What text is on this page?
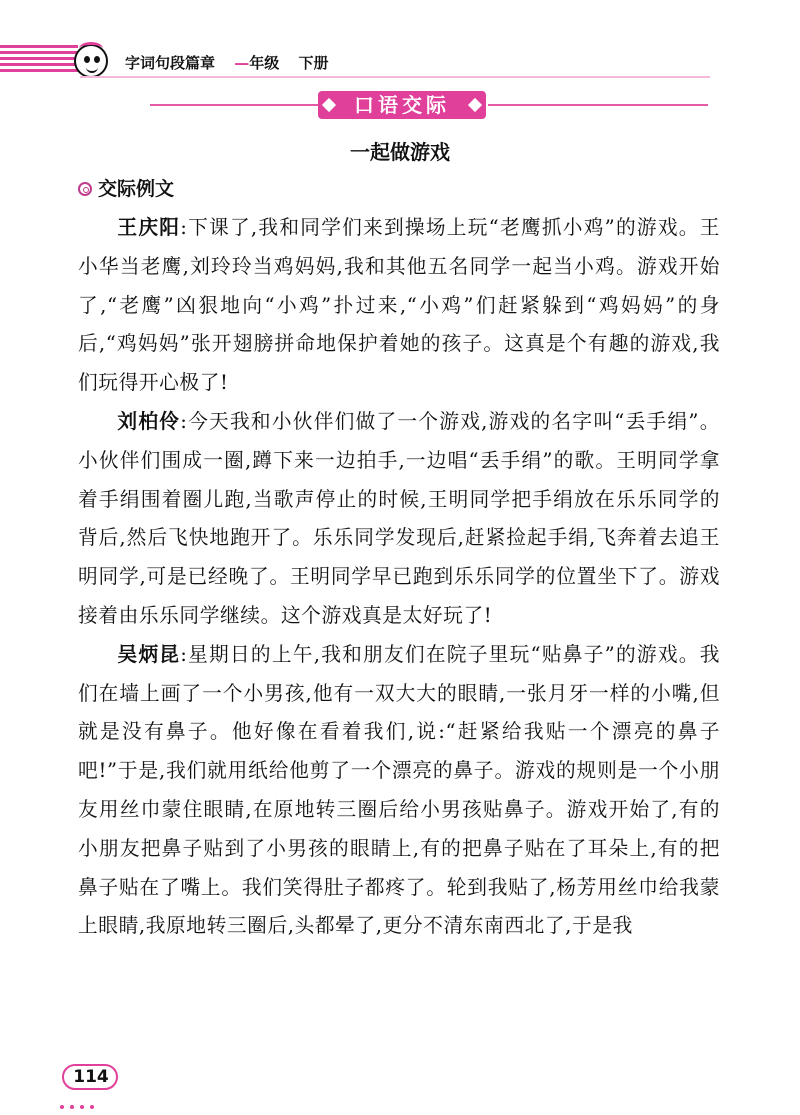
字词句段篇章 —年级 下册
口语交际
一起做游戏
交际例文

王庆阳:下课了,我和同学们来到操场上玩“老鹰抓小鸡”的游戏。王小华当老鹰,刘玲玲当鸡妈妈,我和其他五名同学一起当小鸡。游戏开始了,“老鹰”凶狠地向“小鸡”扑过来,“小鸡”们赶紧躲到“鸡妈妈”的身后,“鸡妈妈”张开翅膀拼命地保护着她的孩子。这真是个有趣的游戏,我们玩得开心极了!

刘柏伶:今天我和小伙伴们做了一个游戏,游戏的名字叫“丢手绢”。小伙伴们围成一圈,蹲下来一边拍手,一边唱“丢手绢”的歌。王明同学拿着手绢围着圈儿跑,当歌声停止的时候,王明同学把手绢放在乐乐同学的背后,然后飞快地跑开了。乐乐同学发现后,赶紧捡起手绢,飞奔着去追王明同学,可是已经晚了。王明同学早已跑到乐乐同学的位置坐下了。游戏接着由乐乐同学继续。这个游戏真是太好玩了!

吴炳昆:星期日的上午,我和朋友们在院子里玩“贴鼻子”的游戏。我们在墙上画了一个小男孩,他有一双大大的眼睛,一张月牙一样的小嘴,但就是没有鼻子。他好像在看着我们,说:“赶紧给我贴一个漂亮的鼻子吧!”于是,我们就用纸给他剪了一个漂亮的鼻子。游戏的规则是一个小朋友用丝巾蒙住眼睛,在原地转三圈后给小男孩贴鼻子。游戏开始了,有的小朋友把鼻子贴到了小男孩的眼睛上,有的把鼻子贴在了耳朵上,有的把鼻子贴在了嘴上。我们笑得肚子都疼了。轮到我贴了,杨芳用丝巾给我蒙上眼睛,我原地转三圈后,头都晕了,更分不清东南西北了,于是我

114
